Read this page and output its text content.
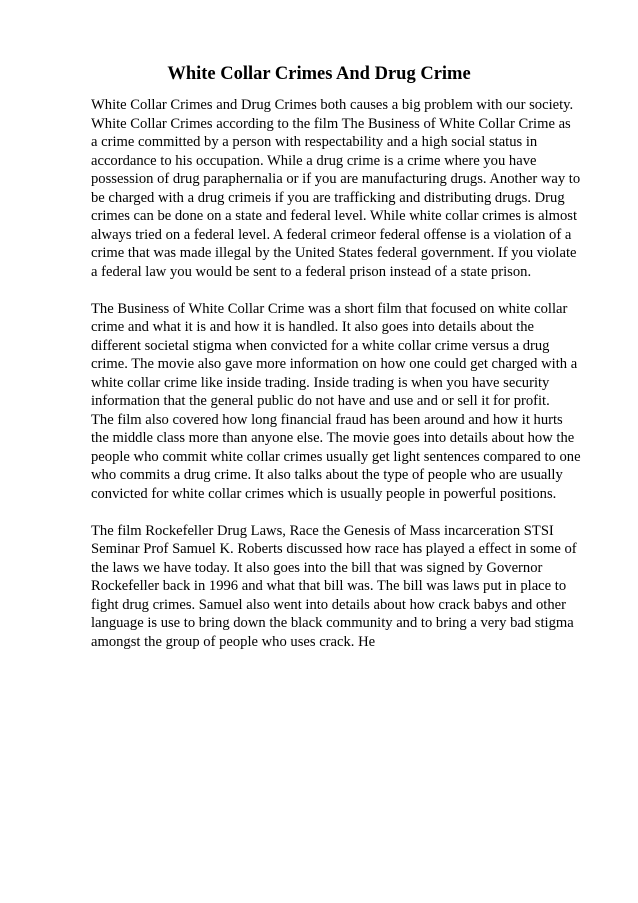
White Collar Crimes And Drug Crime

White Collar Crimes and Drug Crimes both causes a big problem with our society.
White Collar Crimes according to the film The Business of White Collar Crime as
a crime committed by a person with respectability and a high social status in
accordance to his occupation. While a drug crime is a crime where you have
possession of drug paraphernalia or if you are manufacturing drugs. Another way to
be charged with a drug crimeis if you are trafficking and distributing drugs. Drug
crimes can be done on a state and federal level. While white collar crimes is almost
always tried on a federal level. A federal crimeor federal offense is a violation of a
crime that was made illegal by the United States federal government. If you violate
a federal law you would be sent to a federal prison instead of a state prison.

The Business of White Collar Crime was a short film that focused on white collar
crime and what it is and how it is handled. It also goes into details about the
different societal stigma when convicted for a white collar crime versus a drug
crime. The movie also gave more information on how one could get charged with a
white collar crime like inside trading. Inside trading is when you have security
information that the general public do not have and use and or sell it for profit.
The film also covered how long financial fraud has been around and how it hurts
the middle class more than anyone else. The movie goes into details about how the
people who commit white collar crimes usually get light sentences compared to one
who commits a drug crime. It also talks about the type of people who are usually
convicted for white collar crimes which is usually people in powerful positions.

The film Rockefeller Drug Laws, Race the Genesis of Mass incarceration STSI
Seminar Prof Samuel K. Roberts discussed how race has played a effect in some of
the laws we have today. It also goes into the bill that was signed by Governor
Rockefeller back in 1996 and what that bill was. The bill was laws put in place to
fight drug crimes. Samuel also went into details about how crack babys and other
language is use to bring down the black community and to bring a very bad stigma
amongst the group of people who uses crack. He
